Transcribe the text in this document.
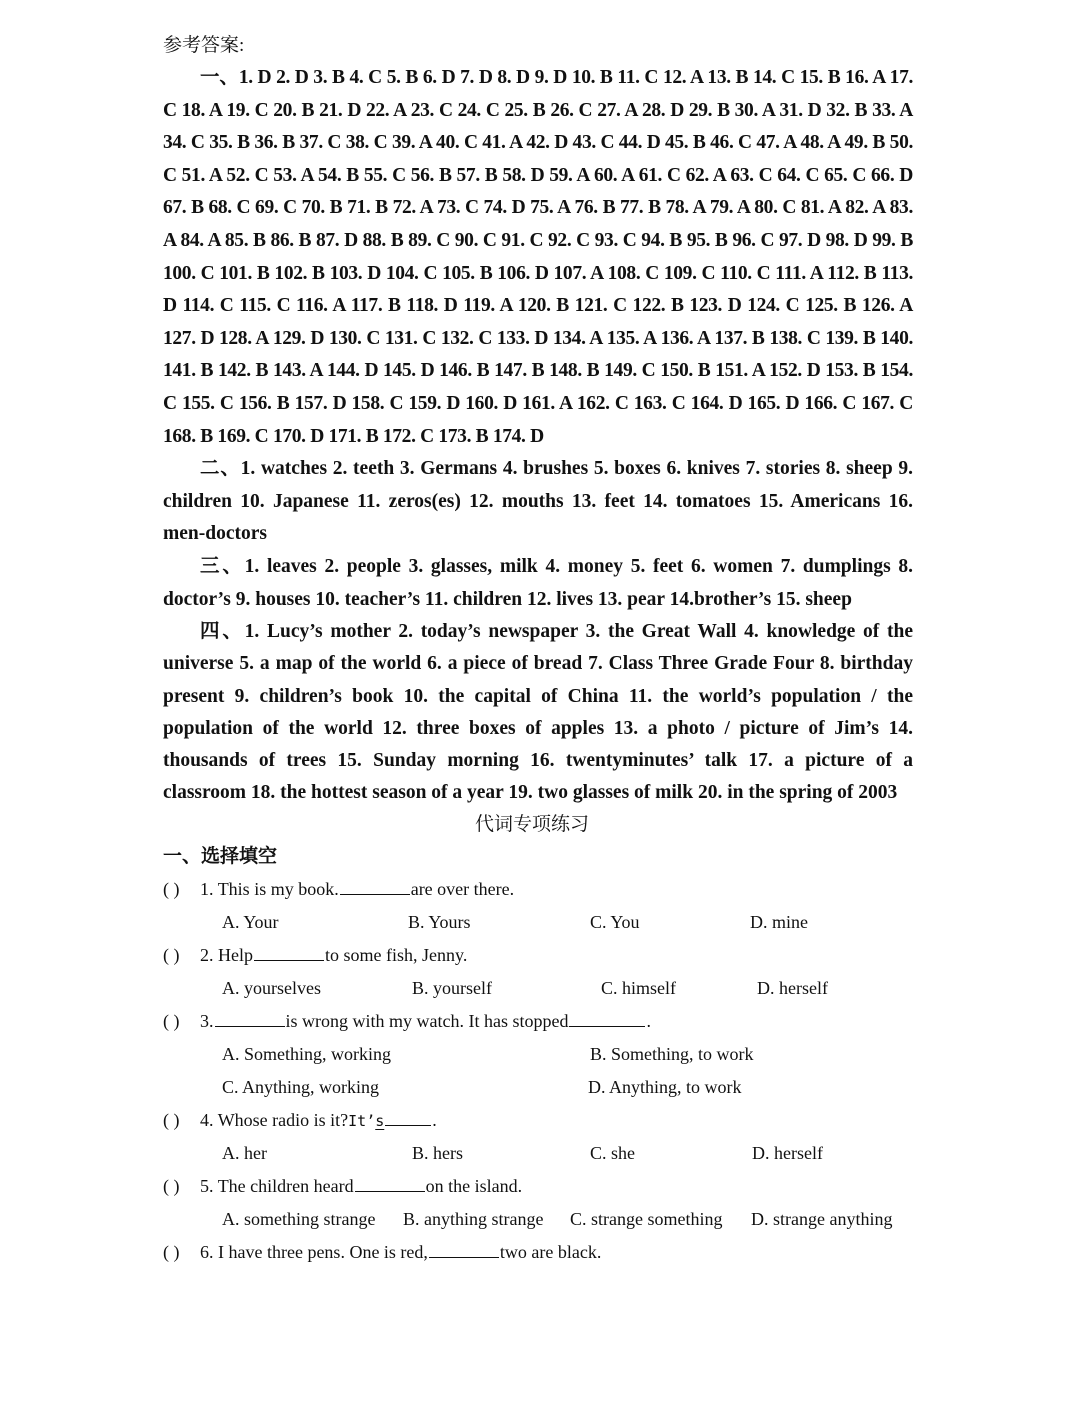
参考答案:

一、1. D 2. D 3. B 4. C 5. B 6. D 7. D 8. D 9. D 10. B 11. C 12. A 13. B 14. C 15. B 16. A 17. C 18. A 19. C 20. B 21. D 22. A 23. C 24. C 25. B 26. C 27. A 28. D 29. B 30. A 31. D 32. B 33. A 34. C 35. B 36. B 37. C 38. C 39. A 40. C 41. A 42. D 43. C 44. D 45. B 46. C 47. A 48. A 49. B 50. C 51. A 52. C 53. A 54. B 55. C 56. B 57. B 58. D 59. A 60. A 61. C 62. A 63. C 64. C 65. C 66. D 67. B 68. C 69. C 70. B 71. B 72. A 73. C 74. D 75. A 76. B 77. B 78. A 79. A 80. C 81. A 82. A 83. A 84. A 85. B 86. B 87. D 88. B 89. C 90. C 91. C 92. C 93. C 94. B 95. B 96. C 97. D 98. D 99. B 100. C 101. B 102. B 103. D 104. C 105. B 106. D 107. A 108. C 109. C 110. C 111. A 112. B 113. D 114. C 115. C 116. A 117. B 118. D 119. A 120. B 121. C 122. B 123. D 124. C 125. B 126. A 127. D 128. A 129. D 130. C 131. C 132. C 133. D 134. A 135. A 136. A 137. B 138. C 139. B 140. 141. B 142. B 143. A 144. D 145. D 146. B 147. B 148. B 149. C 150. B 151. A 152. D 153. B 154. C 155. C 156. B 157. D 158. C 159. D 160. D 161. A 162. C 163. C 164. D 165. D 166. C 167. C 168. B 169. C 170. D 171. B 172. C 173. B 174. D

二、1. watches 2. teeth 3. Germans 4. brushes 5. boxes 6. knives 7. stories 8. sheep 9. children 10. Japanese 11. zeros(es) 12. mouths 13. feet 14. tomatoes 15. Americans 16. men-doctors

三、1. leaves 2. people 3. glasses, milk 4. money 5. feet 6. women 7. dumplings 8. doctor’s 9. houses 10. teacher’s 11. children 12. lives 13. pear 14.brother’s 15. sheep

四、1. Lucy’s mother 2. today’s newspaper 3. the Great Wall 4. knowledge of the universe 5. a map of the world 6. a piece of bread 7. Class Three Grade Four 8. birthday present 9. children’s book 10. the capital of China 11. the world’s population / the population of the world 12. three boxes of apples 13. a photo / picture of Jim’s 14. thousands of trees 15. Sunday morning 16. twentyminutes’ talk 17. a picture of a classroom 18. the hottest season of a year 19. two glasses of milk 20. in the spring of 2003

代词专项练习
一、选择填空
( ) 1. This is my book.	are over there.
A. Your	B. Yours	C. You	D. mine
( ) 2. Help	to some fish, Jenny.
A. yourselves	B. yourself	C. himself	D. herself
( ) 3.	is wrong with my watch. It has stopped	.
A. Something, working	B. Something, to work
C. Anything, working	D. Anything, to work
( ) 4. Whose radio is it?It’s	.
A. her	B. hers	C. she	D. herself
( ) 5. The children heard	on the island.
A. something strange B. anything strange C. strange something D. strange anything
( ) 6. I have three pens. One is red,	two are black.
